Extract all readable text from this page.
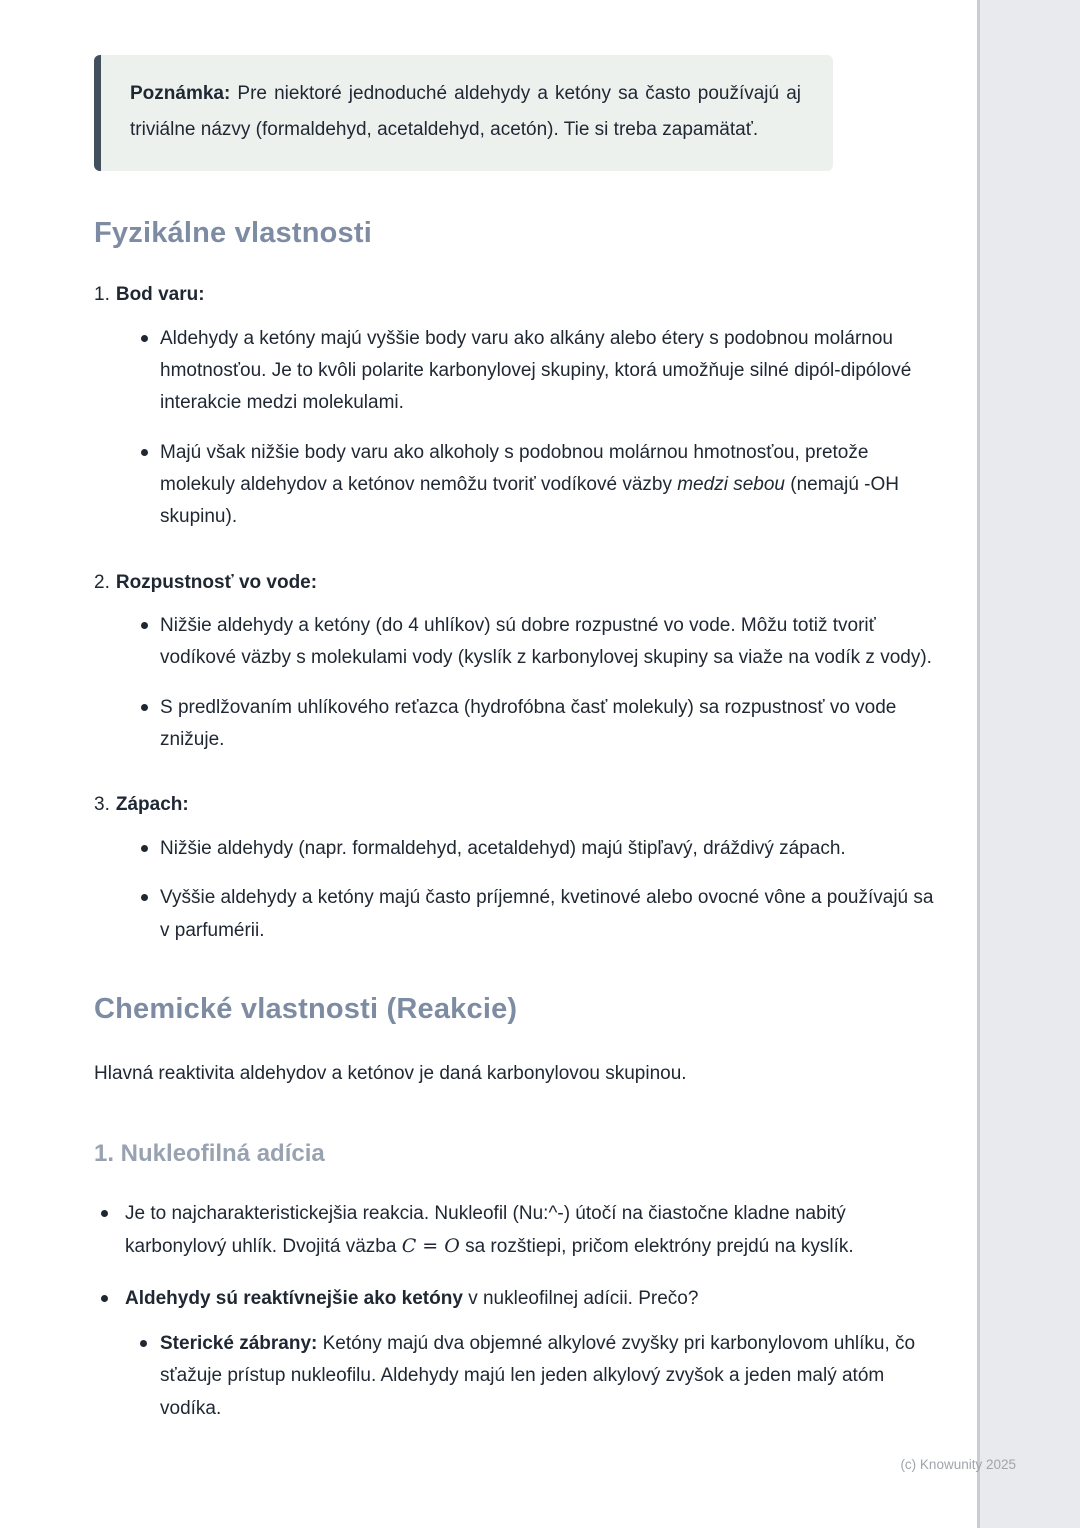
Poznámka: Pre niektoré jednoduché aldehydy a ketóny sa často používajú aj triviálne názvy (formaldehyd, acetaldehyd, acetón). Tie si treba zapamätať.
Fyzikálne vlastnosti
1. Bod varu:
Aldehydy a ketóny majú vyššie body varu ako alkány alebo étery s podobnou molárnou hmotnosťou. Je to kvôli polarite karbonylovej skupiny, ktorá umožňuje silné dipól-dipólové interakcie medzi molekulami.
Majú však nižšie body varu ako alkoholy s podobnou molárnou hmotnosťou, pretože molekuly aldehydov a ketónov nemôžu tvoriť vodíkové väzby medzi sebou (nemajú -OH skupinu).
2. Rozpustnosť vo vode:
Nižšie aldehydy a ketóny (do 4 uhlíkov) sú dobre rozpustné vo vode. Môžu totiž tvoriť vodíkové väzby s molekulami vody (kyslík z karbonylovej skupiny sa viaže na vodík z vody).
S predlžovaním uhlíkového reťazca (hydrofóbna časť molekuly) sa rozpustnosť vo vode znižuje.
3. Zápach:
Nižšie aldehydy (napr. formaldehyd, acetaldehyd) majú štipľavý, dráždivý zápach.
Vyššie aldehydy a ketóny majú často príjemné, kvetinové alebo ovocné vône a používajú sa v parfumérii.
Chemické vlastnosti (Reakcie)

Hlavná reaktivita aldehydov a ketónov je daná karbonylovou skupinou.

1. Nukleofilná adícia
Je to najcharakteristickejšia reakcia. Nukleofil (Nu:^-) útočí na čiastočne kladne nabitý karbonylový uhlík. Dvojitá väzba C = O sa rozštiepi, pričom elektróny prejdú na kyslík.
Aldehydy sú reaktívnejšie ako ketóny v nukleofilnej adícii. Prečo?
Sterické zábrany: Ketóny majú dva objemné alkylové zvyšky pri karbonylovom uhlíku, čo sťažuje prístup nukleofilu. Aldehydy majú len jeden alkylový zvyšok a jeden malý atóm vodíka.
(c) Knowunity 2025
